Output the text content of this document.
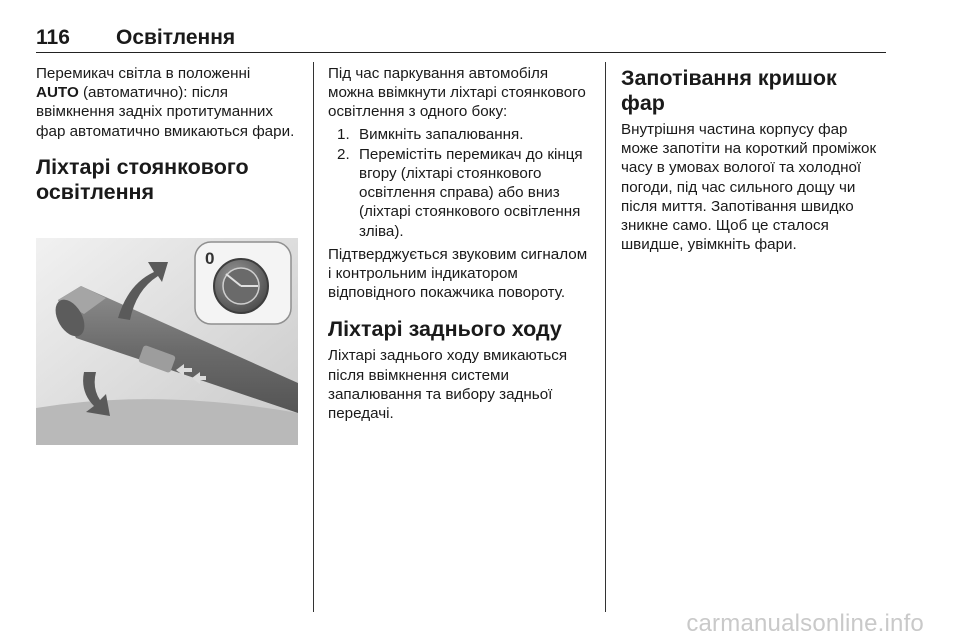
116 Освітлення

Перемикач світла в положенні
AUTO (автоматично): після ввімкнення задніх протитуманних фар автоматично вмикаються фари.

Ліхтарі стоянкового освітлення
0

Під час паркування автомобіля можна ввімкнути ліхтарі стоянкового освітлення з одного боку:

1. Вимкніть запалювання.
2. Перемістіть перемикач до кінця вгору (ліхтарі стоянкового освітлення справа) або вниз (ліхтарі стоянкового освітлення зліва).

Підтверджується звуковим сигналом і контрольним індикатором відповідного покажчика повороту.

Ліхтарі заднього ходу

Ліхтарі заднього ходу вмикаються після ввімкнення системи запалювання та вибору задньої передачі.

Запотівання кришок фар

Внутрішня частина корпусу фар може запотіти на короткий проміжок часу в умовах вологої та холодної погоди, під час сильного дощу чи після миття. Запотівання швидко зникне само. Щоб це сталося швидше, увімкніть фари.

carmanualsonline.info
